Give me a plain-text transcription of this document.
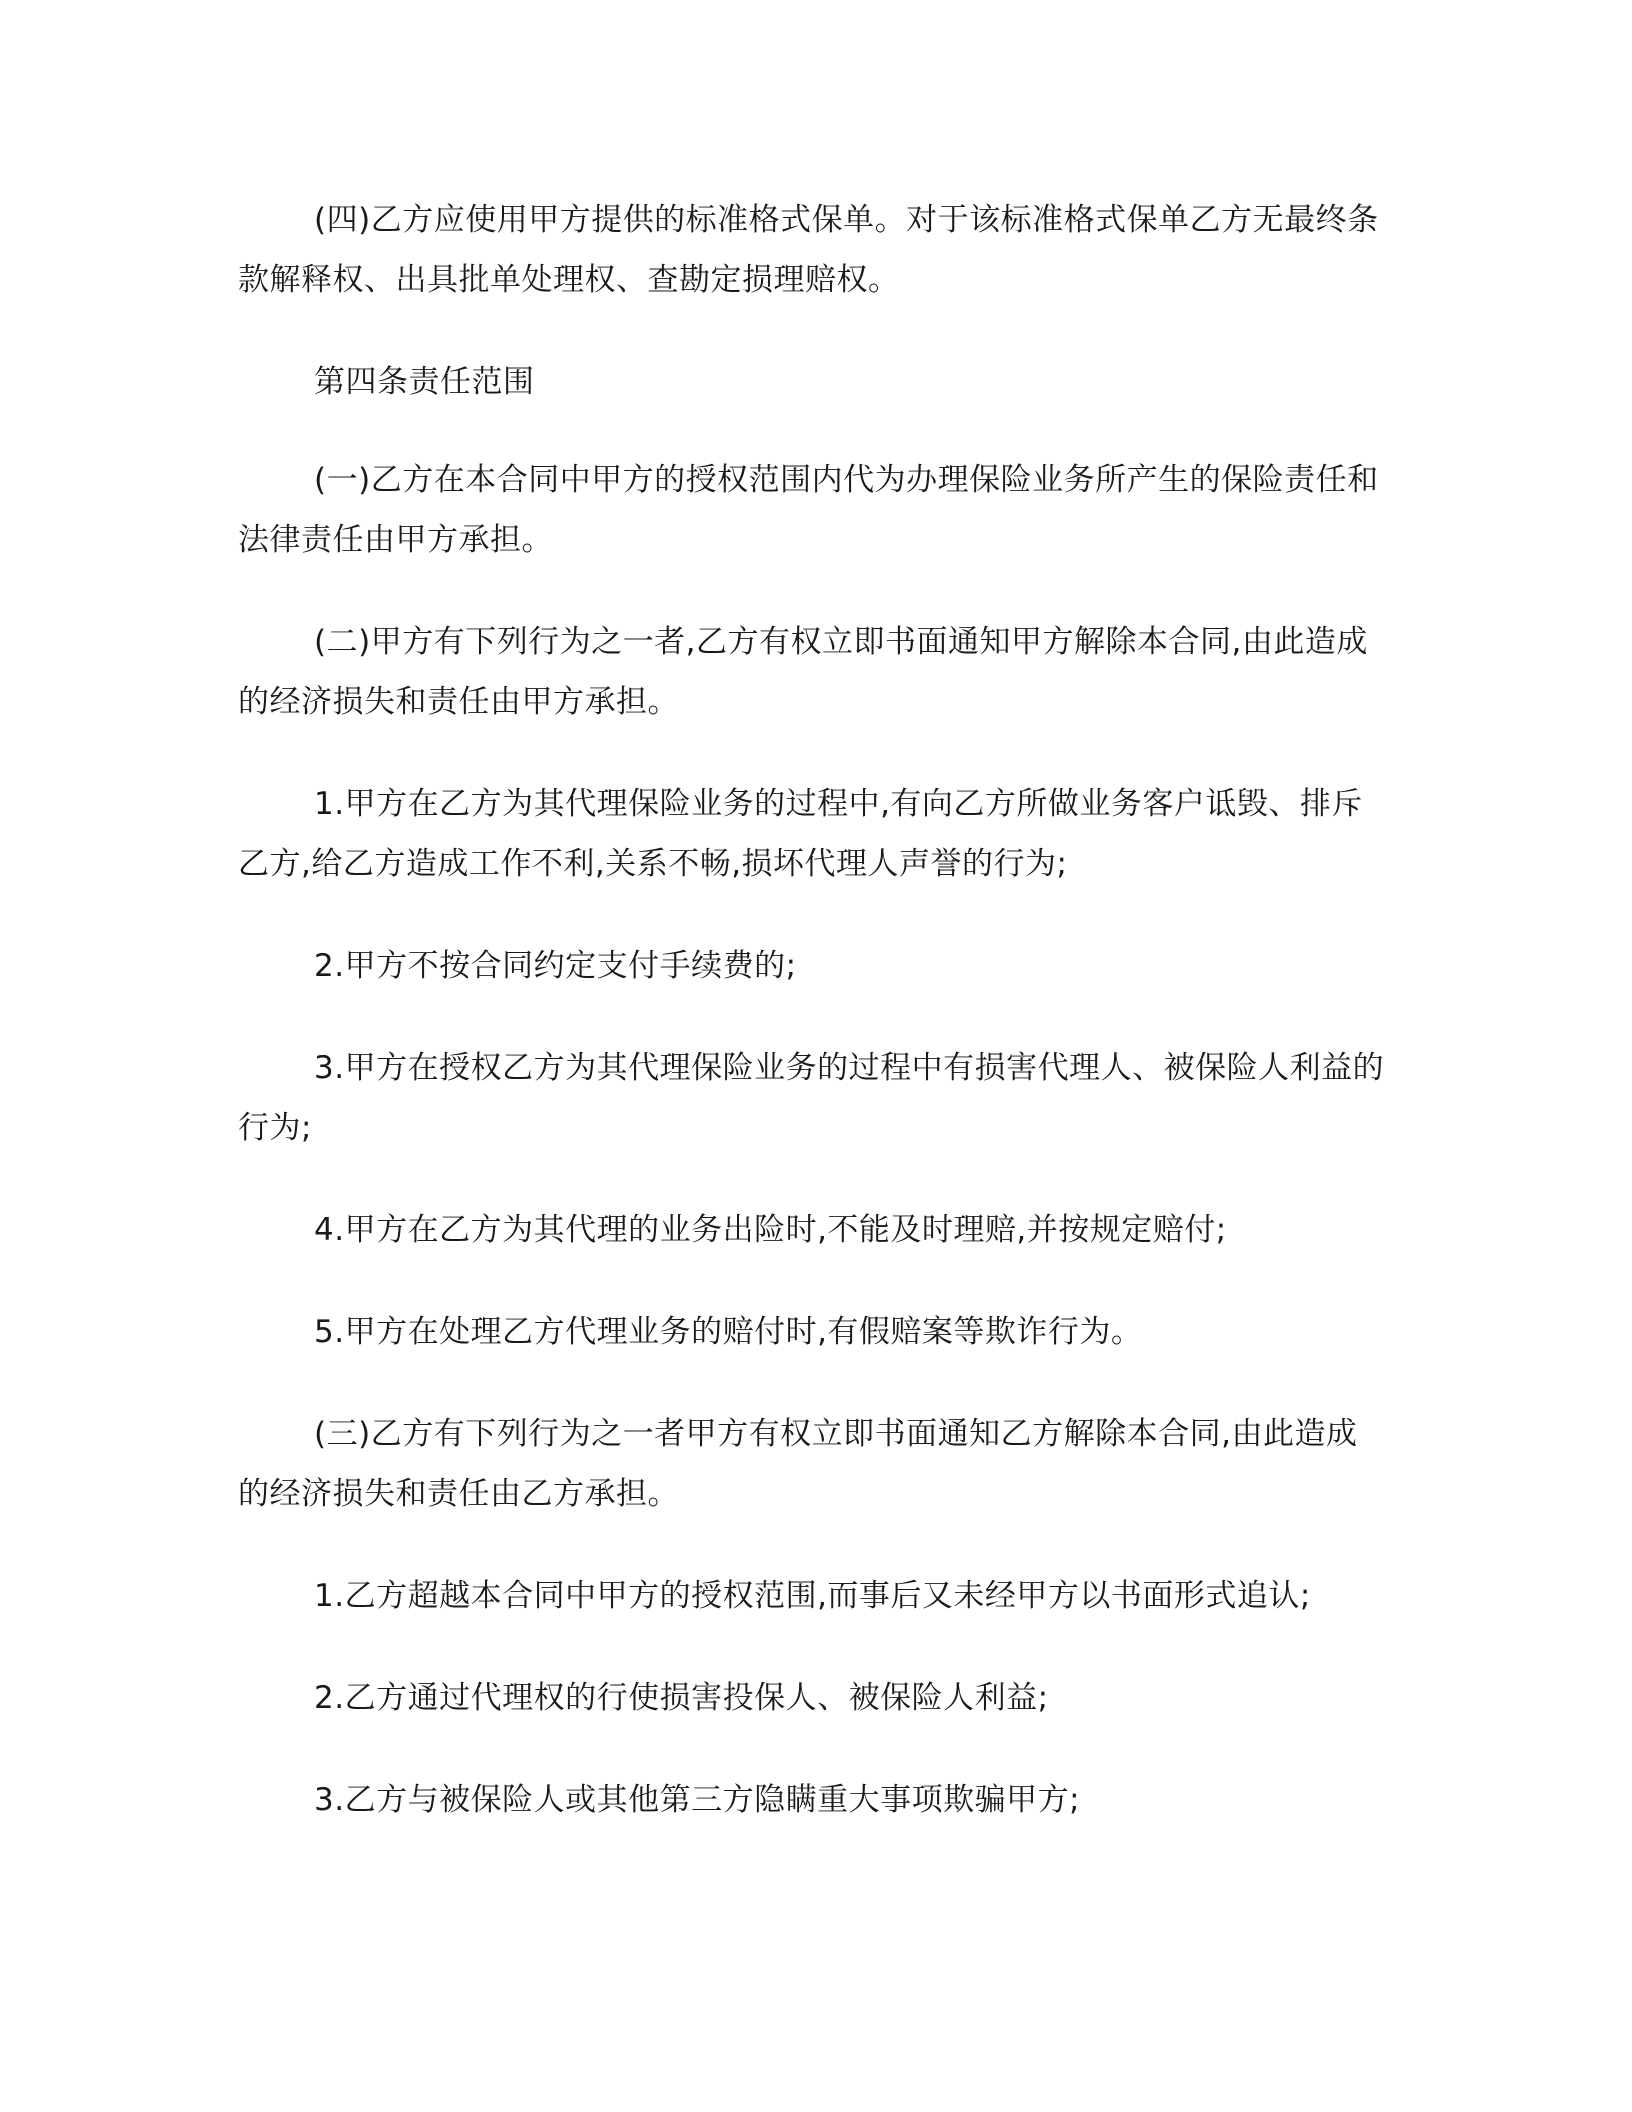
(四)乙方应使用甲方提供的标准格式保单。对于该标准格式保单乙方无最终条款解释权、出具批单处理权、查勘定损理赔权。

第四条责任范围

(一)乙方在本合同中甲方的授权范围内代为办理保险业务所产生的保险责任和法律责任由甲方承担。

(二)甲方有下列行为之一者,乙方有权立即书面通知甲方解除本合同,由此造成的经济损失和责任由甲方承担。

1.甲方在乙方为其代理保险业务的过程中,有向乙方所做业务客户诋毁、排斥乙方,给乙方造成工作不利,关系不畅,损坏代理人声誉的行为;

2.甲方不按合同约定支付手续费的;

3.甲方在授权乙方为其代理保险业务的过程中有损害代理人、被保险人利益的行为;

4.甲方在乙方为其代理的业务出险时,不能及时理赔,并按规定赔付;

5.甲方在处理乙方代理业务的赔付时,有假赔案等欺诈行为。

(三)乙方有下列行为之一者甲方有权立即书面通知乙方解除本合同,由此造成的经济损失和责任由乙方承担。

1.乙方超越本合同中甲方的授权范围,而事后又未经甲方以书面形式追认;

2.乙方通过代理权的行使损害投保人、被保险人利益;

3.乙方与被保险人或其他第三方隐瞒重大事项欺骗甲方;
